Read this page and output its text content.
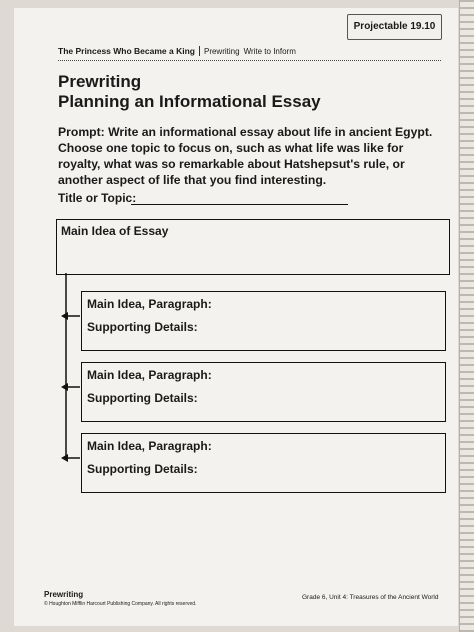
Projectable 19.10
The Princess Who Became a King Prewriting Write to Inform
Prewriting
Planning an Informational Essay
Prompt: Write an informational essay about life in ancient Egypt. Choose one topic to focus on, such as what life was like for royalty, what was so remarkable about Hatshepsut's rule, or another aspect of life that you find interesting.
Title or Topic:
Main Idea of Essay
Main Idea, Paragraph:
Supporting Details:
Main Idea, Paragraph:
Supporting Details:
Main Idea, Paragraph:
Supporting Details:
Prewriting
© Houghton Mifflin Harcourt Publishing Company. All rights reserved.
Grade 6, Unit 4: Treasures of the Ancient World
